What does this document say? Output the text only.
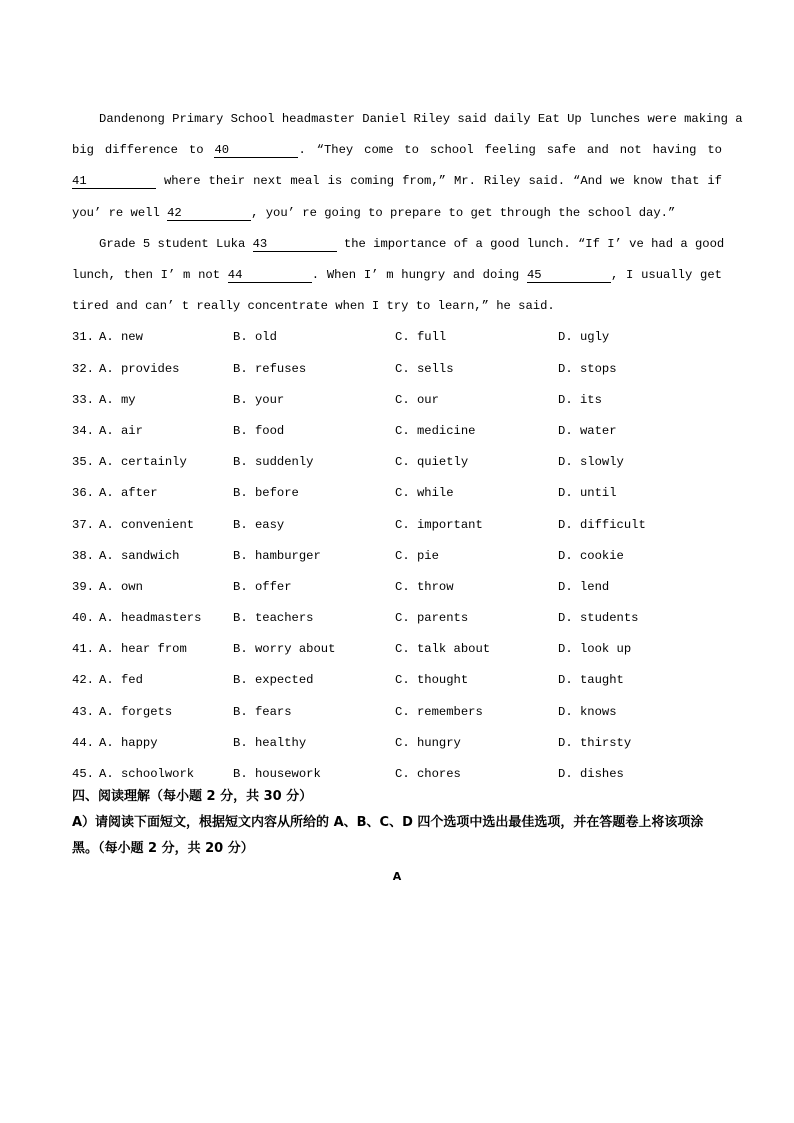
Dandenong Primary School headmaster Daniel Riley said daily Eat Up lunches were making a
big difference to 40	. “They come to school feeling safe and not having to
41	where their next meal is coming from,” Mr. Riley said. “And we know that if
you’ re well 42	, you’ re going to prepare to get through the school day.”
Grade 5 student Luka 43	the importance of a good lunch. “If I’ ve had a good
lunch, then I’ m not 44	. When I’ m hungry and doing 45	, I usually get
tired and can’ t really concentrate when I try to learn,” he said.
31. A. new	B. old	C. full	D. ugly
32. A. provides	B. refuses	C. sells	D. stops
33. A. my	B. your	C. our	D. its
34. A. air	B. food	C. medicine	D. water
35. A. certainly	B. suddenly	C. quietly	D. slowly
36. A. after	B. before	C. while	D. until
37. A. convenient	B. easy	C. important	D. difficult
38. A. sandwich	B. hamburger	C. pie	D. cookie
39. A. own	B. offer	C. throw	D. lend
40. A. headmasters	B. teachers	C. parents	D. students
41. A. hear from	B. worry about	C. talk about	D. look up
42. A. fed	B. expected	C. thought	D. taught
43. A. forgets	B. fears	C. remembers	D. knows
44. A. happy	B. healthy	C. hungry	D. thirsty
45. A. schoolwork	B. housework	C. chores	D. dishes
四、阅读理解（每小题 2 分，共 30 分）
A）请阅读下面短文，根据短文内容从所给的 A、B、C、D 四个选项中选出最佳选项，并在答题卷上将该项涂黑。（每小题 2 分，共 20 分）
A
